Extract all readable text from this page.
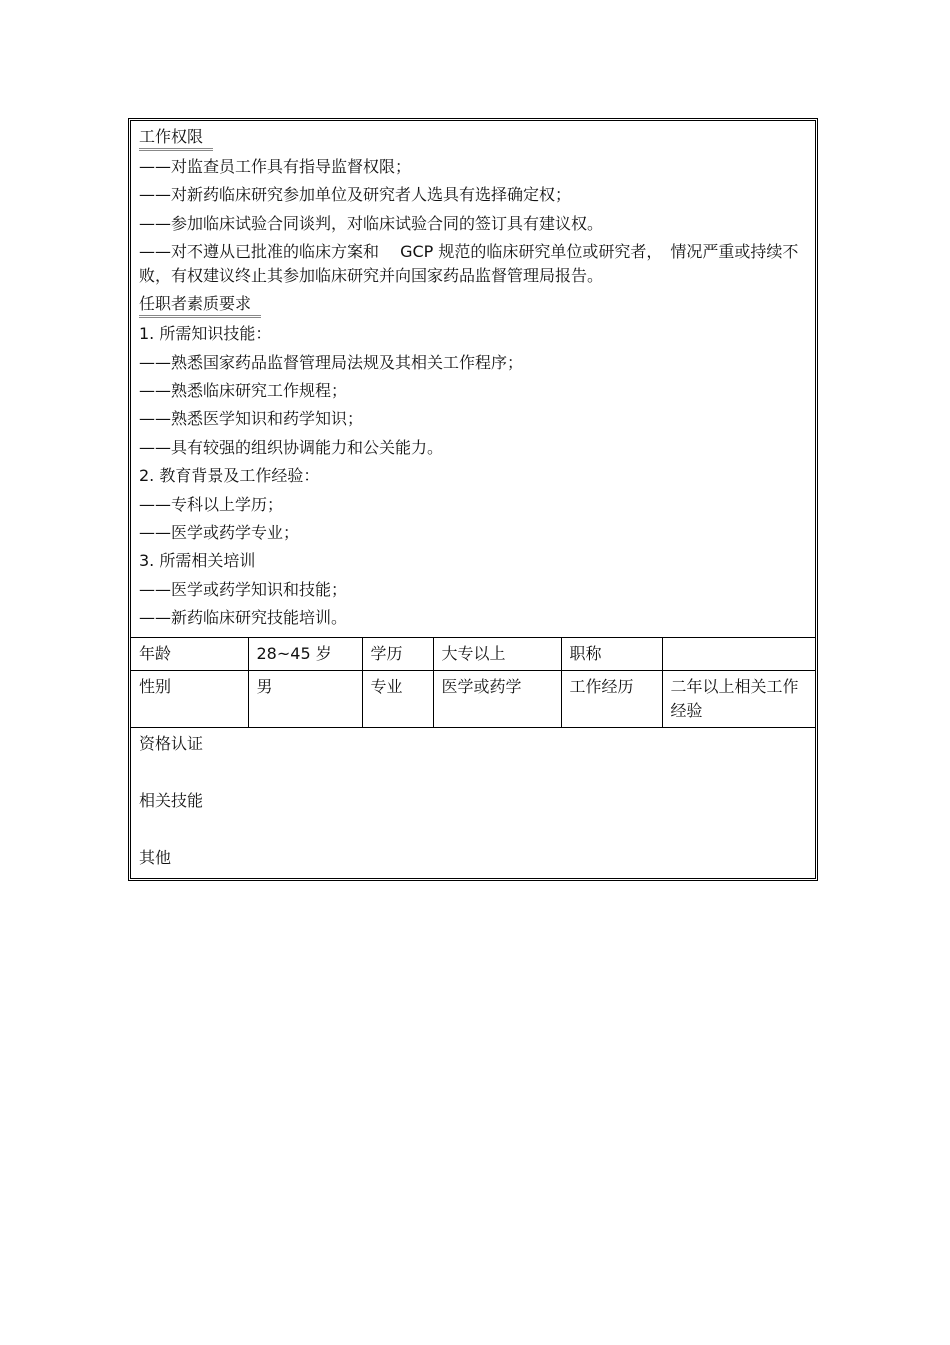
工作权限
——对监查员工作具有指导监督权限；
——对新药临床研究参加单位及研究者人选具有选择确定权；
——参加临床试验合同谈判，对临床试验合同的签订具有建议权。
——对不遵从已批准的临床方案和　 GCP 规范的临床研究单位或研究者，　情况严重或持续不败，有权建议终止其参加临床研究并向国家药品监督管理局报告。
任职者素质要求
1. 所需知识技能：
——熟悉国家药品监督管理局法规及其相关工作程序；
——熟悉临床研究工作规程；
——熟悉医学知识和药学知识；
——具有较强的组织协调能力和公关能力。
2. 教育背景及工作经验：
——专科以上学历；
——医学或药学专业；
3. 所需相关培训
——医学或药学知识和技能；
——新药临床研究技能培训。
年龄	28~45 岁	学历	大专以上	职称	
性别	男	专业	医学或药学	工作经历	二年以上相关工作经验
资格认证
相关技能
其他
